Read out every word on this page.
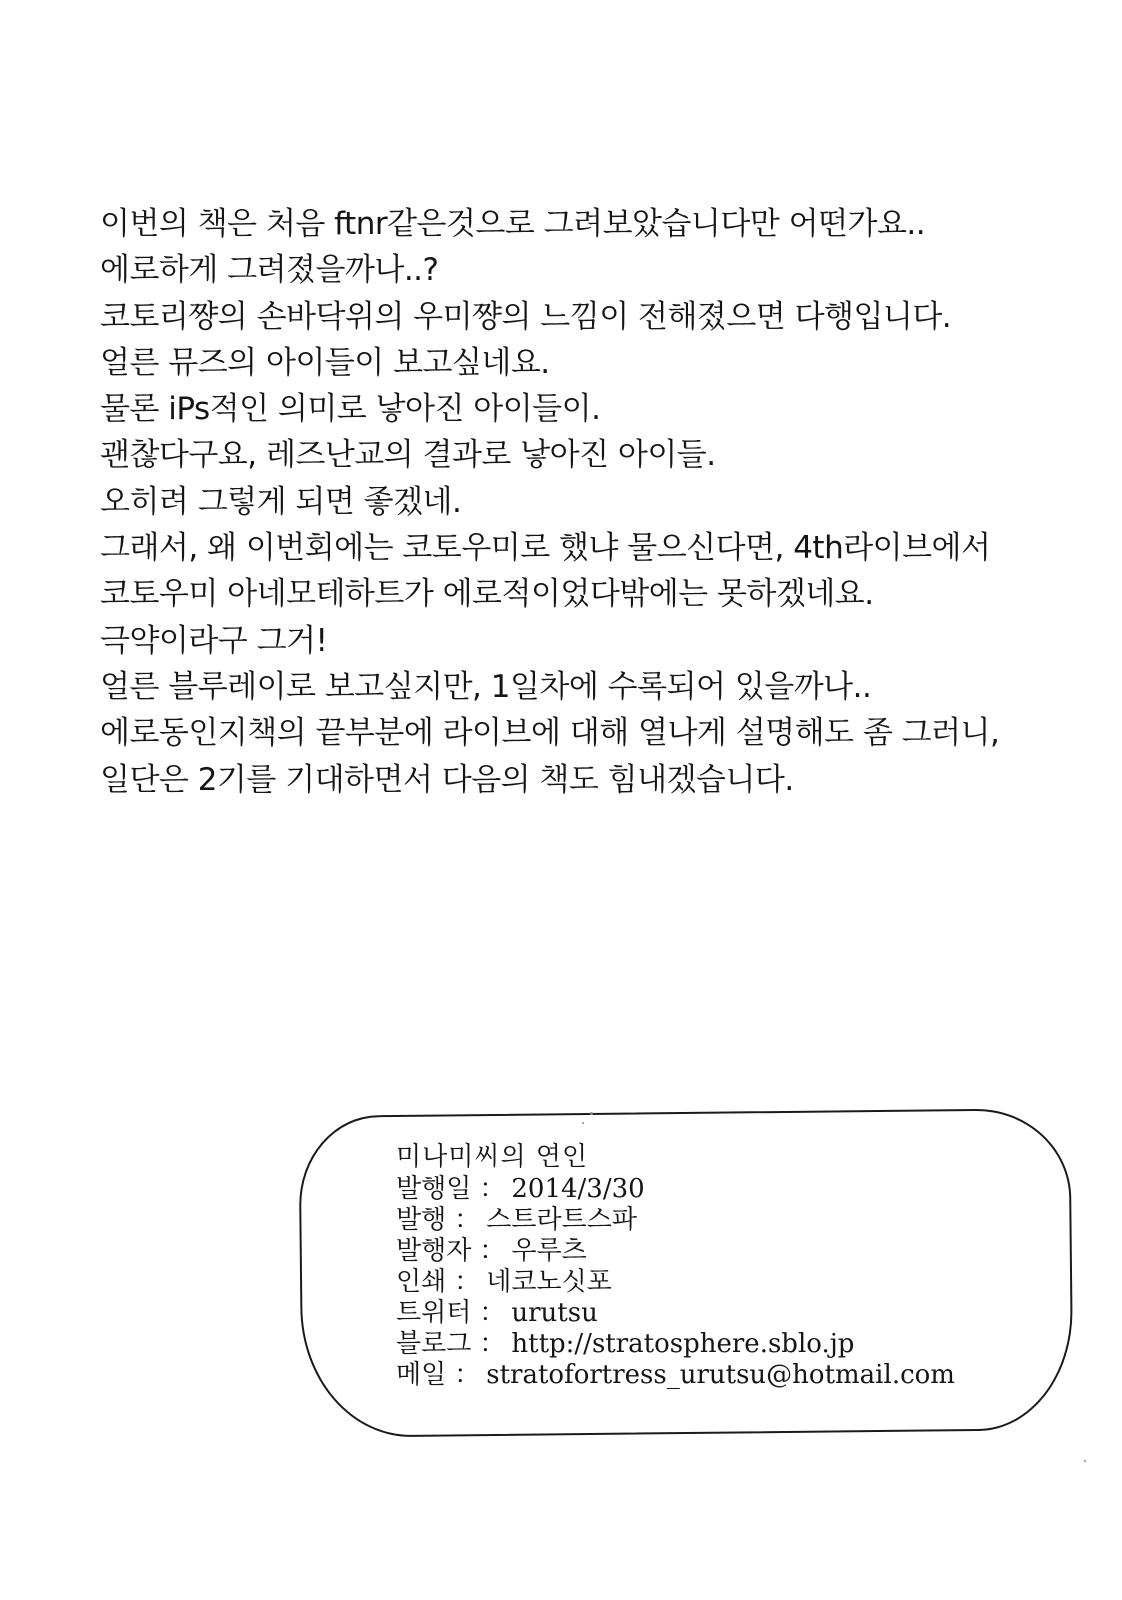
이번의 책은 처음 ftnr같은것으로 그려보았습니다만 어떤가요..
에로하게 그려졌을까나..?
코토리쨩의 손바닥위의 우미쨩의 느낌이 전해졌으면 다행입니다.
얼른 뮤즈의 아이들이 보고싶네요.
물론 iPs적인 의미로 낳아진 아이들이.
괜찮다구요, 레즈난교의 결과로 낳아진 아이들.
오히려 그렇게 되면 좋겠네.
그래서, 왜 이번회에는 코토우미로 했냐 물으신다면, 4th라이브에서
코토우미 아네모테하트가 에로적이었다밖에는 못하겠네요.
극약이라구 그거!
얼른 블루레이로 보고싶지만, 1일차에 수록되어 있을까나..
에로동인지책의 끝부분에 라이브에 대해 열나게 설명해도 좀 그러니,
일단은 2기를 기대하면서 다음의 책도 힘내겠습니다.
미나미씨의 연인
발행일 ： 2014/3/30
발행 ： 스트라트스파
발행자 ： 우루츠
인쇄 ： 네코노싯포
트위터 ： urutsu
블로그 ： http://stratosphere.sblo.jp
메일 ： stratofortress_urutsu@hotmail.com
